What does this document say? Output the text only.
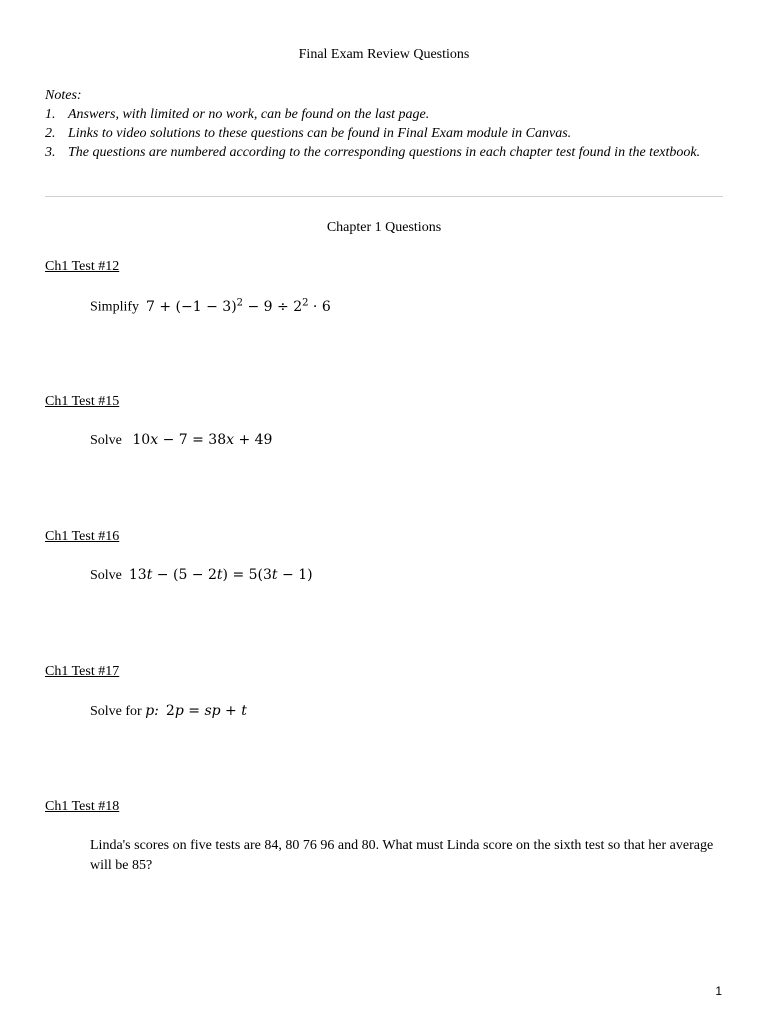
Final Exam Review Questions

Notes:

1. Answers, with limited or no work, can be found on the last page.
2. Links to video solutions to these questions can be found in Final Exam module in Canvas.
3. The questions are numbered according to the corresponding questions in each chapter test found in the textbook.
Chapter 1 Questions
Ch1 Test #12
Simplify $7 + (-1 - 3)^2 - 9 \div 2^2 \cdot 6$
Ch1 Test #15
Solve 10x − 7 = 38x + 49
Ch1 Test #16
Solve 13t − (5 − 2t) = 5(3t − 1)
Ch1 Test #17
Solve for p: 2p = sp + t
Ch1 Test #18
Linda's scores on five tests are 84, 80 76 96 and 80. What must Linda score on the sixth test so that her average will be 85?
1
